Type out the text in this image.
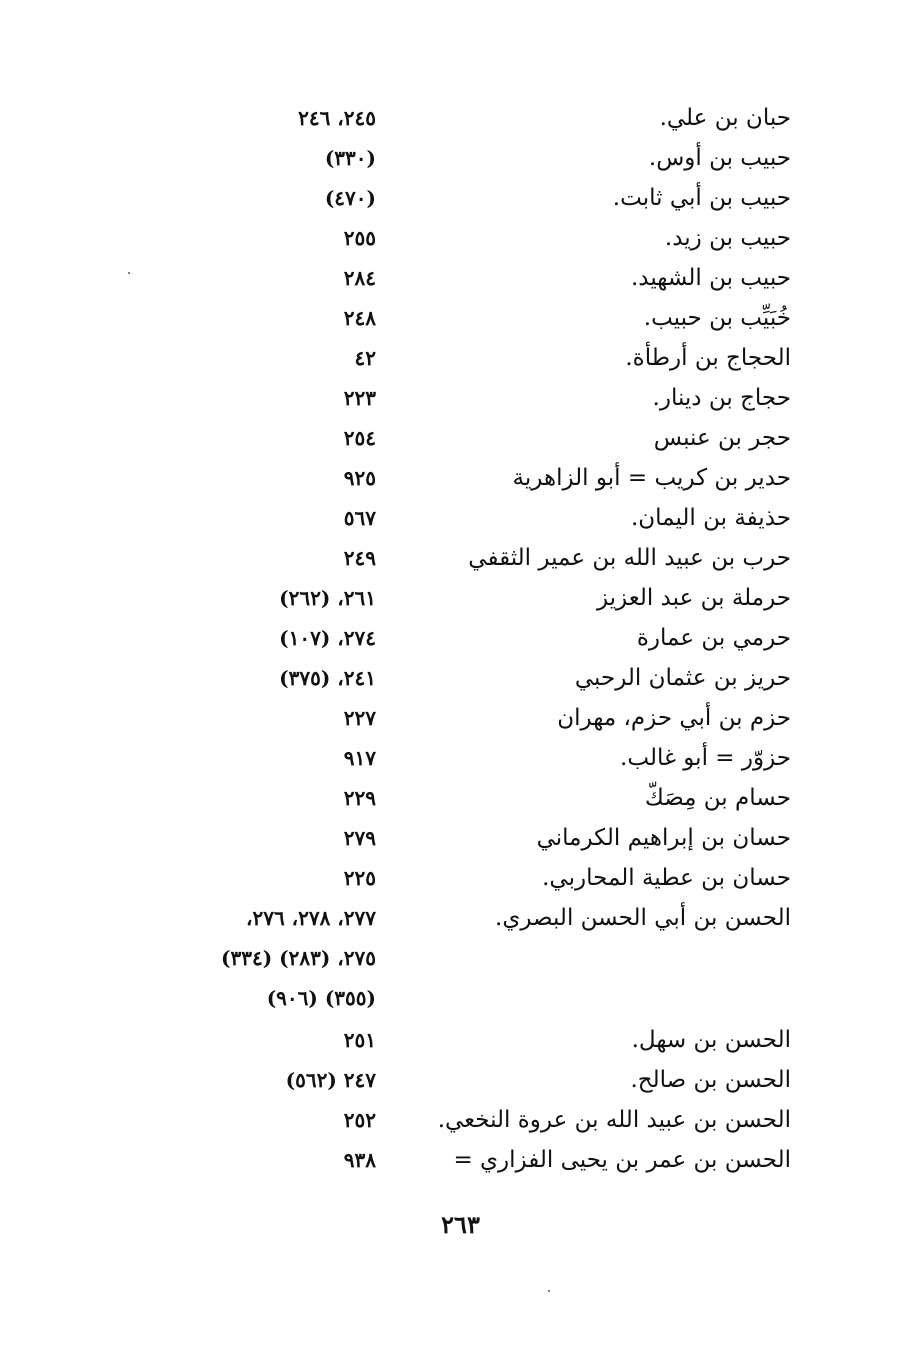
حبان بن علي.
٢٤٥، ٢٤٦
حبيب بن أوس.
(٣٣٠)
حبيب بن أبي ثابت.
(٤٧٠)
حبيب بن زيد.
٢٥٥
حبيب بن الشهيد.
٢٨٤
خُبَيِّب بن حبيب.
٢٤٨
الحجاج بن أرطأة.
٤٢
حجاج بن دينار.
٢٢٣
حجر بن عنبس
٢٥٤
حدير بن كريب = أبو الزاهرية
٩٢٥
حذيفة بن اليمان.
٥٦٧
حرب بن عبيد الله بن عمير الثقفي
٢٤٩
حرملة بن عبد العزيز
٢٦١، (٢٦٢)
حرمي بن عمارة
٢٧٤، (١٠٧)
حريز بن عثمان الرحبي
٢٤١، (٣٧٥)
حزم بن أبي حزم، مهران
٢٢٧
حزوّر = أبو غالب.
٩١٧
حسام بن مِصَكّ
٢٢٩
حسان بن إبراهيم الكرماني
٢٧٩
حسان بن عطية المحاربي.
٢٢٥
الحسن بن أبي الحسن البصري.
٢٧٧، ٢٧٨، ٢٧٦،
٢٧٥، (٢٨٣) (٣٣٤)
(٣٥٥) (٩٠٦)
الحسن بن سهل.
٢٥١
الحسن بن صالح.
٢٤٧ (٥٦٢)
الحسن بن عبيد الله بن عروة النخعي.
٢٥٢
الحسن بن عمر بن يحيى الفزاري =
٩٣٨
٢٦٣
